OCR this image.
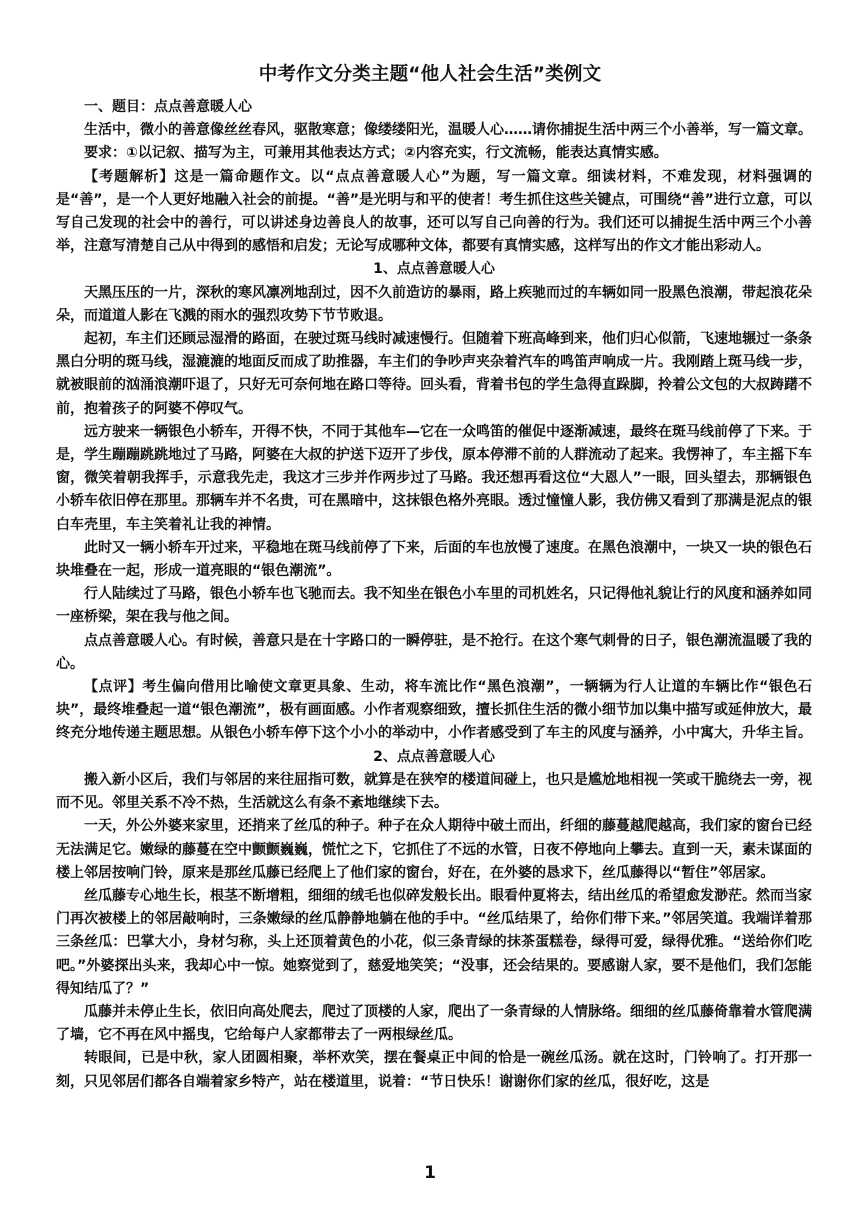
中考作文分类主题“他人社会生活”类例文
一、题目：点点善意暖人心
生活中，微小的善意像丝丝春风，驱散寒意；像缕缕阳光，温暖人心……请你捕捉生活中两三个小善举，写一篇文章。
要求：①以记叙、描写为主，可兼用其他表达方式；②内容充实，行文流畅，能表达真情实感。
【考题解析】这是一篇命题作文。以“点点善意暖人心”为题，写一篇文章。细读材料，不难发现，材料强调的是“善”，是一个人更好地融入社会的前提。“善”是光明与和平的使者！考生抓住这些关键点，可围绕“善”进行立意，可以写自己发现的社会中的善行，可以讲述身边善良人的故事，还可以写自己向善的行为。我们还可以捕捉生活中两三个小善举，注意写清楚自己从中得到的感悟和启发；无论写成哪种文体，都要有真情实感，这样写出的作文才能出彩动人。
1、点点善意暖人心
天黑压压的一片，深秋的寒风凛冽地刮过，因不久前造访的暴雨，路上疾驰而过的车辆如同一股黑色浪潮，带起浪花朵朵，而道道人影在飞溅的雨水的强烈攻势下节节败退。
起初，车主们还顾忌湿滑的路面，在驶过斑马线时减速慢行。但随着下班高峰到来，他们归心似箭，飞速地辗过一条条黑白分明的斑马线，湿漉漉的地面反而成了助推器，车主们的争吵声夹杂着汽车的鸣笛声响成一片。我刚踏上斑马线一步，就被眼前的汹涌浪潮吓退了，只好无可奈何地在路口等待。回头看，背着书包的学生急得直跺脚，拎着公文包的大叔踌躇不前，抱着孩子的阿婆不停叹气。
远方驶来一辆银色小轿车，开得不快，不同于其他车—它在一众鸣笛的催促中逐渐减速，最终在斑马线前停了下来。于是，学生蹦蹦跳跳地过了马路，阿婆在大叔的护送下迈开了步伐，原本停滞不前的人群流动了起来。我愣神了，车主摇下车窗，微笑着朝我挥手，示意我先走，我这才三步并作两步过了马路。我还想再看这位“大恩人”一眼，回头望去，那辆银色小轿车依旧停在那里。那辆车并不名贵，可在黑暗中，这抹银色格外亮眼。透过憧憧人影，我仿佛又看到了那满是泥点的银白车壳里，车主笑着礼让我的神情。
此时又一辆小轿车开过来，平稳地在斑马线前停了下来，后面的车也放慢了速度。在黑色浪潮中，一块又一块的银色石块堆叠在一起，形成一道亮眼的“银色潮流”。
行人陆续过了马路，银色小轿车也飞驰而去。我不知坐在银色小车里的司机姓名，只记得他礼貌让行的风度和涵养如同一座桥梁，架在我与他之间。
点点善意暖人心。有时候，善意只是在十字路口的一瞬停驻，是不抢行。在这个寒气刺骨的日子，银色潮流温暖了我的心。
【点评】考生偏向借用比喻使文章更具象、生动，将车流比作“黑色浪潮”，一辆辆为行人让道的车辆比作“银色石块”，最终堆叠起一道“银色潮流”，极有画面感。小作者观察细致，擅长抓住生活的微小细节加以集中描写或延伸放大，最终充分地传递主题思想。从银色小轿车停下这个小小的举动中，小作者感受到了车主的风度与涵养，小中寓大，升华主旨。
2、点点善意暖人心
搬入新小区后，我们与邻居的来往屈指可数，就算是在狭窄的楼道间碰上，也只是尴尬地相视一笑或干脆绕去一旁，视而不见。邻里关系不冷不热，生活就这么有条不紊地继续下去。
一天，外公外婆来家里，还捎来了丝瓜的种子。种子在众人期待中破土而出，纤细的藤蔓越爬越高，我们家的窗台已经无法满足它。嫩绿的藤蔓在空中颤颤巍巍，慌忙之下，它抓住了不远的水管，日夜不停地向上攀去。直到一天，素未谋面的楼上邻居按响门铃，原来是那丝瓜藤已经爬上了他们家的窗台，好在，在外婆的恳求下，丝瓜藤得以“暂住”邻居家。
丝瓜藤专心地生长，根茎不断增粗，细细的绒毛也似碎发般长出。眼看仲夏将去，结出丝瓜的希望愈发渺茫。然而当家门再次被楼上的邻居敲响时，三条嫩绿的丝瓜静静地躺在他的手中。“丝瓜结果了，给你们带下来。”邻居笑道。我端详着那三条丝瓜：巴掌大小，身材匀称，头上还顶着黄色的小花，似三条青绿的抹茶蛋糕卷，绿得可爱，绿得优雅。“送给你们吃吧。”外婆探出头来，我却心中一惊。她察觉到了，慈爱地笑笑；“没事，还会结果的。要感谢人家，要不是他们，我们怎能得知结瓜了？”
瓜藤并未停止生长，依旧向高处爬去，爬过了顶楼的人家，爬出了一条青绿的人情脉络。细细的丝瓜藤倚靠着水管爬满了墙，它不再在风中摇曳，它给每户人家都带去了一两根绿丝瓜。
转眼间，已是中秋，家人团圆相聚，举杯欢笑，摆在餐桌正中间的恰是一碗丝瓜汤。就在这时，门铃响了。打开那一刻，只见邻居们都各自端着家乡特产，站在楼道里，说着：“节日快乐！谢谢你们家的丝瓜，很好吃，这是
1
